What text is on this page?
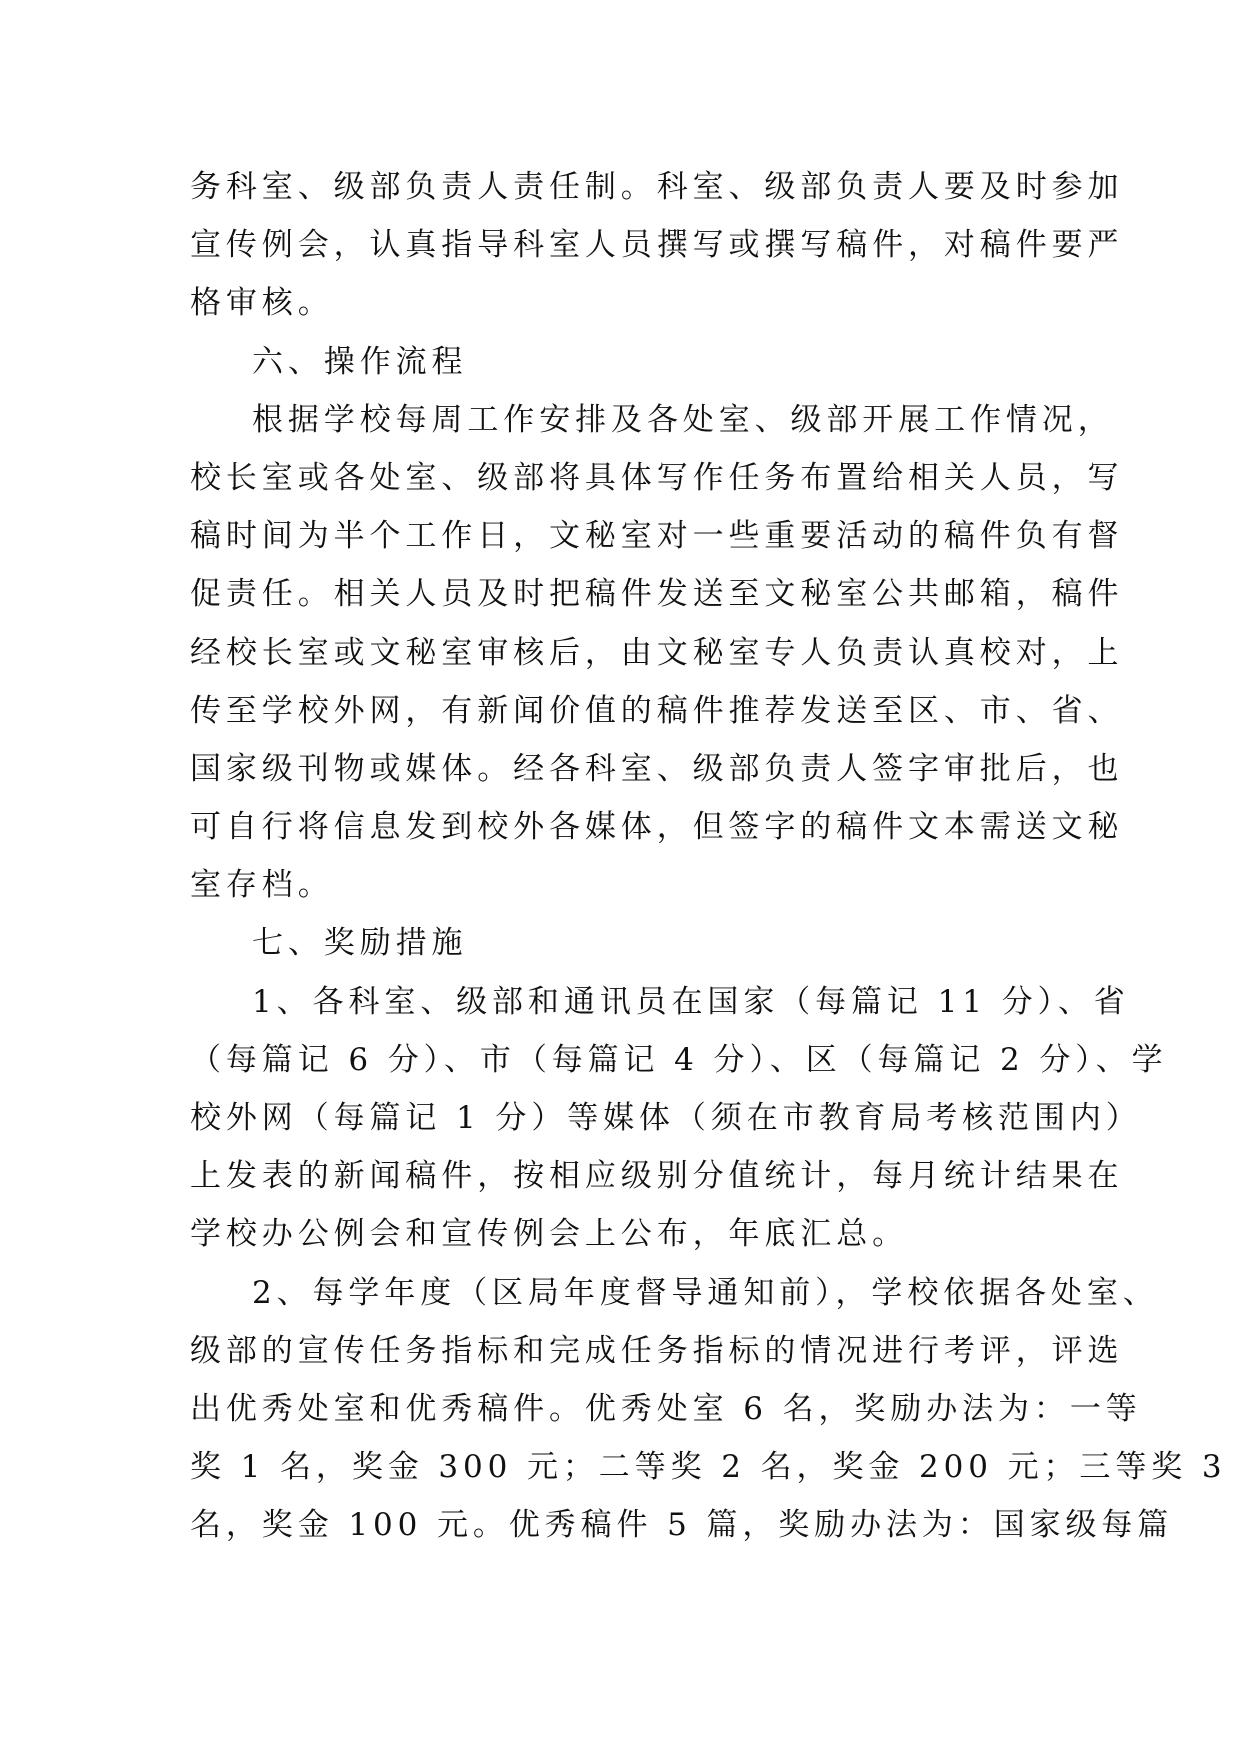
务科室、级部负责人责任制。科室、级部负责人要及时参加
宣传例会，认真指导科室人员撰写或撰写稿件，对稿件要严
格审核。
六、操作流程
根据学校每周工作安排及各处室、级部开展工作情况，
校长室或各处室、级部将具体写作任务布置给相关人员，写
稿时间为半个工作日，文秘室对一些重要活动的稿件负有督
促责任。相关人员及时把稿件发送至文秘室公共邮箱，稿件
经校长室或文秘室审核后，由文秘室专人负责认真校对，上
传至学校外网，有新闻价值的稿件推荐发送至区、市、省、
国家级刊物或媒体。经各科室、级部负责人签字审批后，也
可自行将信息发到校外各媒体，但签字的稿件文本需送文秘
室存档。
七、奖励措施
1、各科室、级部和通讯员在国家（每篇记 11 分）、省
（每篇记 6 分）、市（每篇记 4 分）、区（每篇记 2 分）、学
校外网（每篇记 1 分）等媒体（须在市教育局考核范围内）
上发表的新闻稿件，按相应级别分值统计，每月统计结果在
学校办公例会和宣传例会上公布，年底汇总。
2、每学年度（区局年度督导通知前），学校依据各处室、
级部的宣传任务指标和完成任务指标的情况进行考评，评选
出优秀处室和优秀稿件。优秀处室 6 名，奖励办法为：一等
奖 1 名，奖金 300 元；二等奖 2 名，奖金 200 元；三等奖 3
名，奖金 100 元。优秀稿件 5 篇，奖励办法为：国家级每篇
